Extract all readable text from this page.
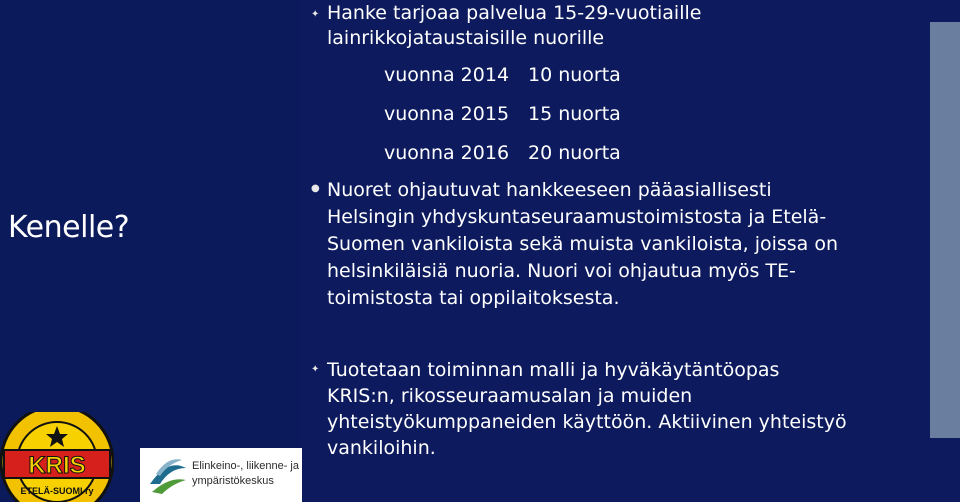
Kenelle?
✦ Hanke tarjoaa palvelua 15-29-vuotiaille
lainrikkojataustaisille nuorille
vuonna 2014 10 nuorta
vuonna 2015 15 nuorta
vuonna 2016 20 nuorta
● Nuoret ohjautuvat hankkeeseen pääasiallisesti
Helsingin yhdyskuntaseuraamustoimistosta ja Etelä-
Suomen vankiloista sekä muista vankiloista, joissa on
helsinkiläisiä nuoria. Nuori voi ohjautua myös TE-
toimistosta tai oppilaitoksesta.
✦ Tuotetaan toiminnan malli ja hyväkäytäntöopas
KRIS:n, rikosseuraamusalan ja muiden
yhteistyökumppaneiden käyttöön. Aktiivinen yhteistyö
vankiloihin.
KRIS
ETELÄ-SUOMI ry
Elinkeino-, liikenne- ja
ympäristökeskus
